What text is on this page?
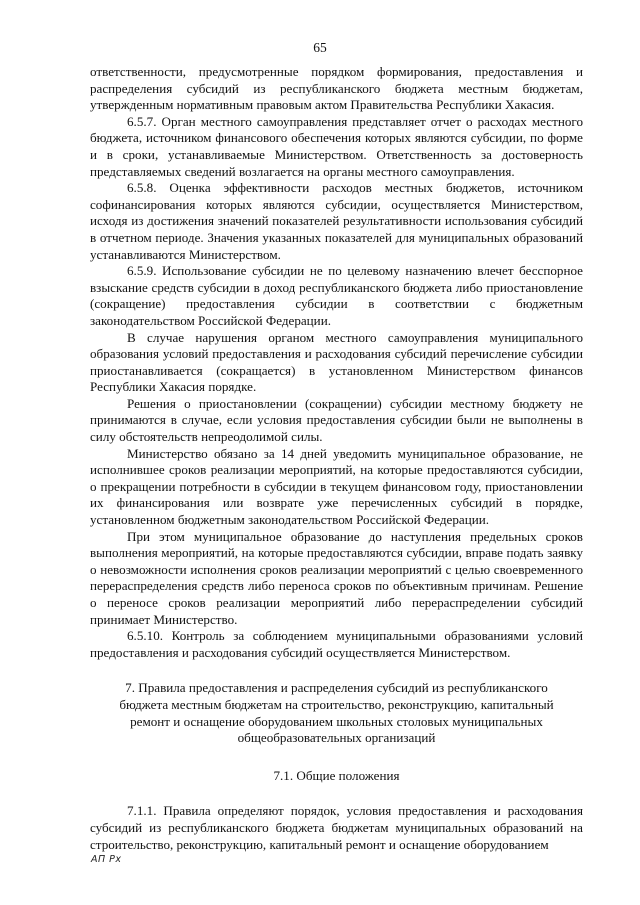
65

ответственности, предусмотренные порядком формирования, предоставления и распределения субсидий из республиканского бюджета местным бюджетам, утвержденным нормативным правовым актом Правительства Республики Хакасия.

6.5.7. Орган местного самоуправления представляет отчет о расходах местного бюджета, источником финансового обеспечения которых являются субсидии, по форме и в сроки, устанавливаемые Министерством. Ответственность за достоверность представляемых сведений возлагается на органы местного самоуправления.

6.5.8. Оценка эффективности расходов местных бюджетов, источником софинансирования которых являются субсидии, осуществляется Министерством, исходя из достижения значений показателей результативности использования субсидий в отчетном периоде. Значения указанных показателей для муниципальных образований устанавливаются Министерством.

6.5.9. Использование субсидии не по целевому назначению влечет бесспорное взыскание средств субсидии в доход республиканского бюджета либо приостановление (сокращение) предоставления субсидии в соответствии с бюджетным законодательством Российской Федерации.

В случае нарушения органом местного самоуправления муниципального образования условий предоставления и расходования субсидий перечисление субсидии приостанавливается (сокращается) в установленном Министерством финансов Республики Хакасия порядке.

Решения о приостановлении (сокращении) субсидии местному бюджету не принимаются в случае, если условия предоставления субсидии были не выполнены в силу обстоятельств непреодолимой силы.

Министерство обязано за 14 дней уведомить муниципальное образование, не исполнившее сроков реализации мероприятий, на которые предоставляются субсидии, о прекращении потребности в субсидии в текущем финансовом году, приостановлении их финансирования или возврате уже перечисленных субсидий в порядке, установленном бюджетным законодательством Российской Федерации.

При этом муниципальное образование до наступления предельных сроков выполнения мероприятий, на которые предоставляются субсидии, вправе подать заявку о невозможности исполнения сроков реализации мероприятий с целью своевременного перераспределения средств либо переноса сроков по объективным причинам. Решение о переносе сроков реализации мероприятий либо перераспределении субсидий принимает Министерство.

6.5.10. Контроль за соблюдением муниципальными образованиями условий предоставления и расходования субсидий осуществляется Министерством.

7. Правила предоставления и распределения субсидий из республиканского бюджета местным бюджетам на строительство, реконструкцию, капитальный ремонт и оснащение оборудованием школьных столовых муниципальных общеобразовательных организаций

7.1. Общие положения

7.1.1. Правила определяют порядок, условия предоставления и расходования субсидий из республиканского бюджета бюджетам муниципальных образований на строительство, реконструкцию, капитальный ремонт и оснащение оборудованием

АП Рх
